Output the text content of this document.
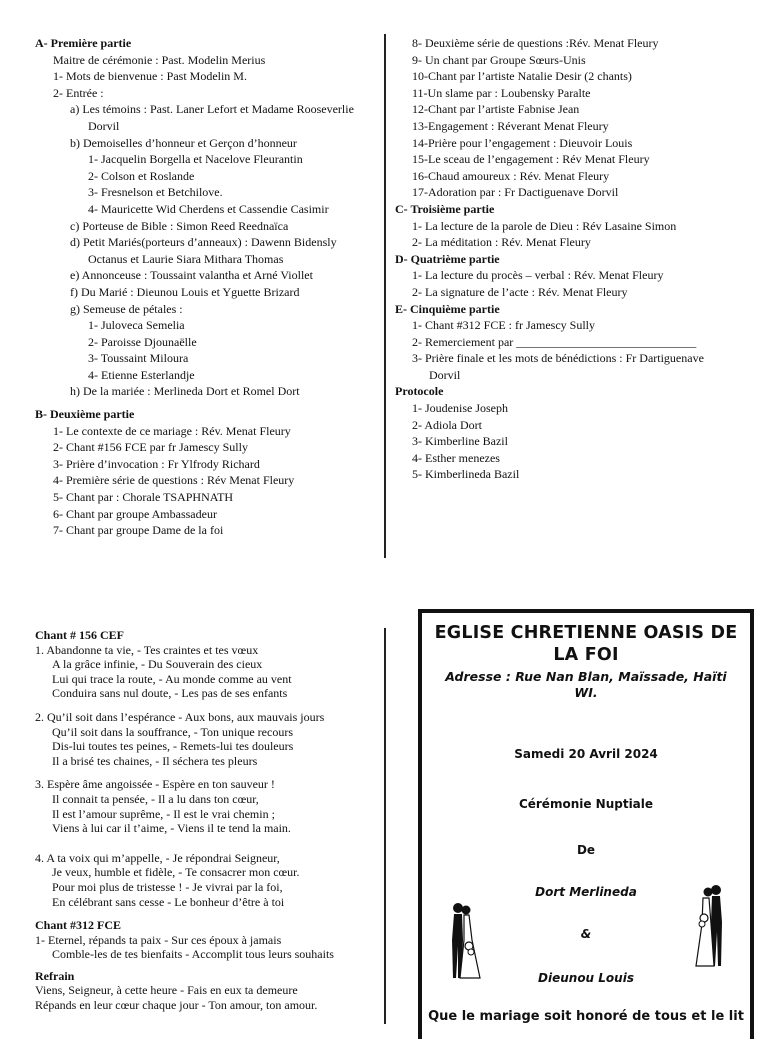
A- Première partie
Maitre de cérémonie : Past. Modelin Merius
1- Mots de bienvenue : Past Modelin M.
2- Entrée :
a) Les témoins : Past. Laner Lefort et Madame Rooseverlie
Dorvil
b) Demoiselles d’honneur et Gerçon d’honneur
1- Jacquelin Borgella et Nacelove Fleurantin
2- Colson et Roslande
3- Fresnelson et Betchilove.
4- Mauricette Wid Cherdens et Cassendie Casimir
c) Porteuse de Bible : Simon Reed Reednaïca
d) Petit Mariés(porteurs d’anneaux) : Dawenn Bidensly
Octanus et Laurie Siara Mithara Thomas
e) Annonceuse : Toussaint valantha et Arné Viollet
f) Du Marié : Dieunou Louis et Yguette Brizard
g) Semeuse de pétales :
1- Juloveca Semelia
2- Paroisse Djounaëlle
3- Toussaint Miloura
4- Etienne Esterlandje
h) De la mariée : Merlineda Dort et Romel Dort
B- Deuxième partie
1- Le contexte de ce mariage : Rév. Menat Fleury
2- Chant #156 FCE par fr Jamescy Sully
3- Prière d’invocation : Fr Ylfrody Richard
4- Première série de questions : Rév Menat Fleury
5- Chant par : Chorale TSAPHNATH
6- Chant par groupe Ambassadeur
7- Chant par groupe Dame de la foi
8- Deuxième série de questions :Rév. Menat Fleury
9- Un chant par Groupe Sœurs-Unis
10-Chant par l’artiste Natalie Desir (2 chants)
11-Un slame par : Loubensky Paralte
12-Chant par l’artiste Fabnise Jean
13-Engagement : Réverant Menat Fleury
14-Prière pour l’engagement : Dieuvoir Louis
15-Le sceau de l’engagement : Rév Menat Fleury
16-Chaud amoureux : Rév. Menat Fleury
17-Adoration par : Fr Dactiguenave Dorvil
C- Troisième partie
1- La lecture de la parole de Dieu : Rév Lasaine Simon
2- La méditation : Rév. Menat Fleury
D- Quatrième partie
1- La lecture du procès – verbal : Rév. Menat Fleury
2- La signature de l’acte : Rév. Menat Fleury
E- Cinquième partie
1- Chant #312 FCE : fr Jamescy Sully
2- Remerciement par ______________________________
3- Prière finale et les mots de bénédictions : Fr Dartiguenave
Dorvil
Protocole
1- Joudenise Joseph
2- Adiola Dort
3- Kimberline Bazil
4- Esther menezes
5- Kimberlineda Bazil
Chant # 156 CEF
1. Abandonne ta vie, - Tes craintes et tes vœux
A la grâce infinie, - Du Souverain des cieux
Lui qui trace la route, - Au monde comme au vent
Conduira sans nul doute, - Les pas de ses enfants
2. Qu’il soit dans l’espérance - Aux bons, aux mauvais jours
Qu’il soit dans la souffrance, - Ton unique recours
Dis-lui toutes tes peines, - Remets-lui tes douleurs
Il a brisé tes chaines, - Il séchera tes pleurs
3. Espère âme angoissée - Espère en ton sauveur !
Il connait ta pensée, - Il a lu dans ton cœur,
Il est l’amour suprême, - Il est le vrai chemin ;
Viens à lui car il t’aime, - Viens il te tend la main.
4. A ta voix qui m’appelle, - Je répondrai Seigneur,
Je veux, humble et fidèle, - Te consacrer mon cœur.
Pour moi plus de tristesse ! - Je vivrai par la foi,
En célébrant sans cesse - Le bonheur d’être à toi
Chant #312 FCE
1- Eternel, répands ta paix - Sur ces époux à jamais
Comble-les de tes bienfaits - Accomplit tous leurs souhaits
Refrain
Viens, Seigneur, à cette heure - Fais en eux ta demeure
Répands en leur cœur chaque jour - Ton amour, ton amour.
EGLISE CHRETIENNE OASIS DE LA FOI
Adresse : Rue Nan Blan, Maïssade, Haïti WI.
Samedi 20 Avril 2024
Cérémonie Nuptiale
De
Dort Merlineda
&
Dieunou Louis
Que le mariage soit honoré de tous et le lit
